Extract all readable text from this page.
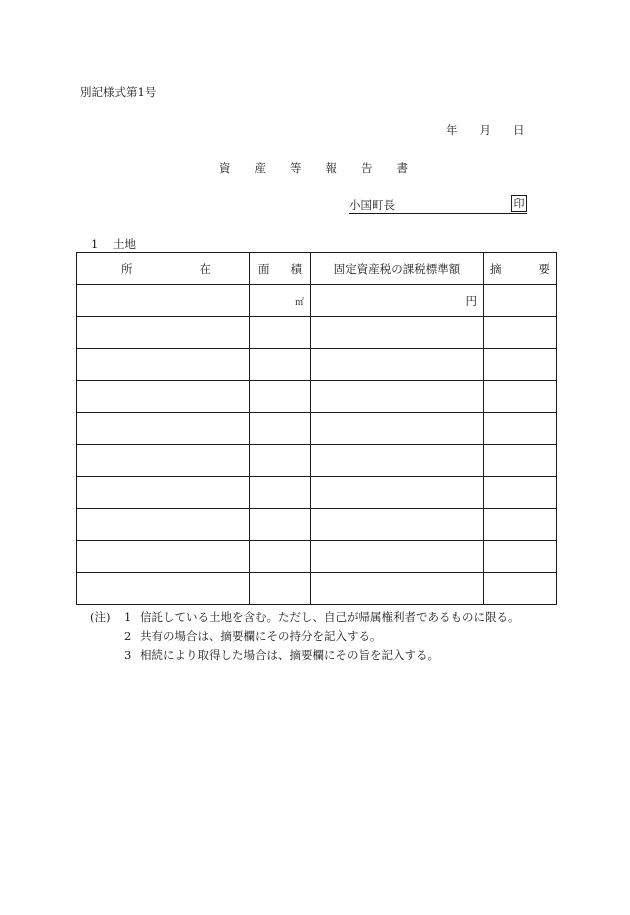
別記様式第1号
年 月 日
資産等報告書
小国町長	印
1 土地
所 在	面 積	固定資産税の課税標準額	摘 要

	㎡	円	

(注)	1 信託している土地を含む。ただし、自己が帰属権利者であるものに限る。
2 共有の場合は、摘要欄にその持分を記入する。
3 相続により取得した場合は、摘要欄にその旨を記入する。
